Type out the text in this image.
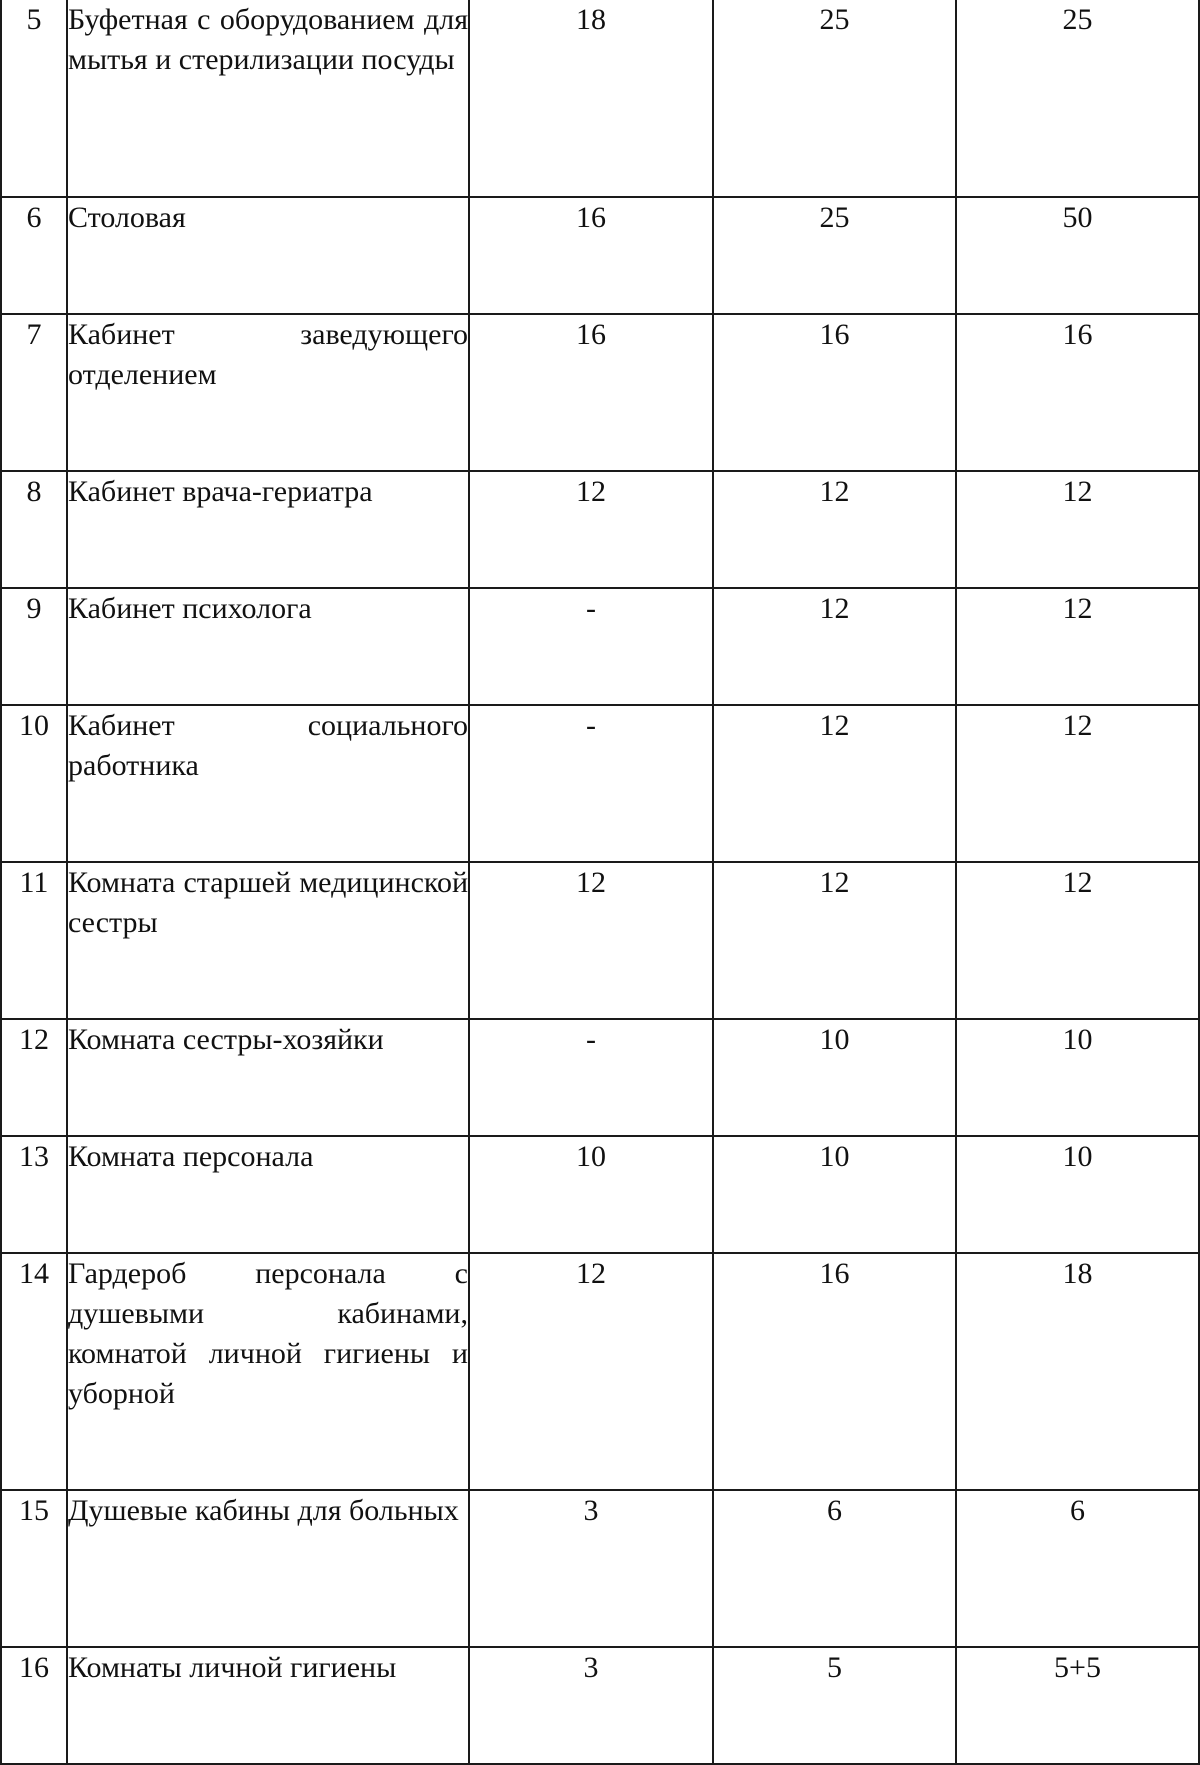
5	Буфетная с оборудованием для мытья и стерилизации посуды	18	25	25
6	Столовая	16	25	50
7	Кабинет заведующего отделением	16	16	16
8	Кабинет врача-гериатра	12	12	12
9	Кабинет психолога	-	12	12
10	Кабинет социального работника	-	12	12
11	Комната старшей медицинской сестры	12	12	12
12	Комната сестры-хозяйки	-	10	10
13	Комната персонала	10	10	10
14	Гардероб персонала с душевыми кабинами, комнатой личной гигиены и уборной	12	16	18
15	Душевые кабины для больных	3	6	6
16	Комнаты личной гигиены	3	5	5+5
